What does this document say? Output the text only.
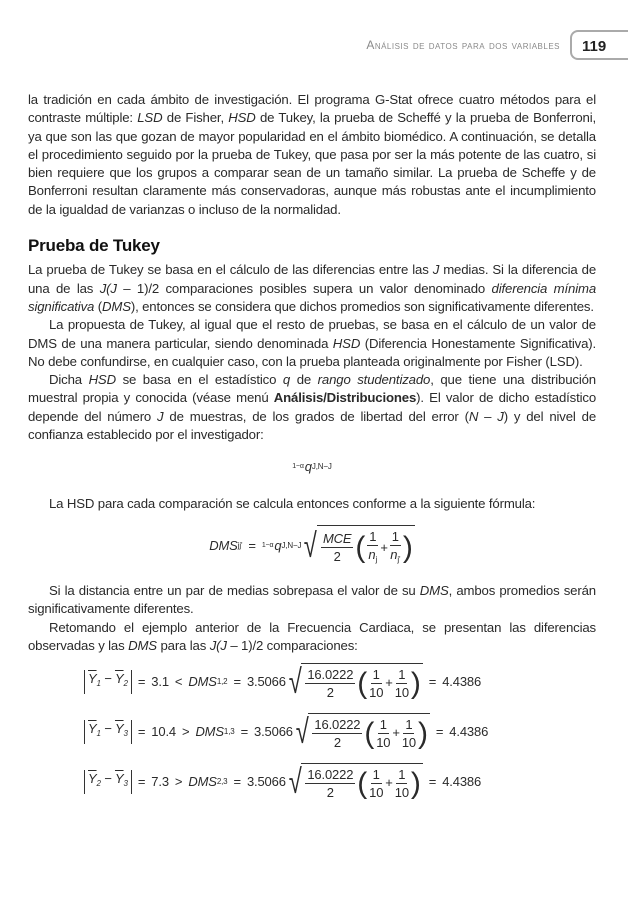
Análisis de datos para dos variables	119

la tradición en cada ámbito de investigación. El programa G-Stat ofrece cuatro métodos para el contraste múltiple: LSD de Fisher, HSD de Tukey, la prueba de Scheffé y la prueba de Bonferroni, ya que son las que gozan de mayor popularidad en el ámbito biomédico. A continuación, se detalla el procedimiento seguido por la prueba de Tukey, que pasa por ser la más potente de las cuatro, si bien requiere que los grupos a comparar sean de un tamaño similar. La prueba de Scheffe y de Bonferroni resultan claramente más conservadoras, aunque más robustas ante el incumplimiento de la igualdad de varianzas o incluso de la normalidad.

Prueba de Tukey

La prueba de Tukey se basa en el cálculo de las diferencias entre las J medias. Si la diferencia de una de las J(J – 1)/2 comparaciones posibles supera un valor denominado diferencia mínima significativa (DMS), entonces se considera que dichos promedios son significativamente diferentes.

La propuesta de Tukey, al igual que el resto de pruebas, se basa en el cálculo de un valor de DMS de una manera particular, siendo denominada HSD (Diferencia Honestamente Significativa). No debe confundirse, en cualquier caso, con la prueba planteada originalmente por Fisher (LSD).

Dicha HSD se basa en el estadístico q de rango studentizado, que tiene una distribución muestral propia y conocida (véase menú Análisis/Distribuciones). El valor de dicho estadístico depende del número J de muestras, de los grados de libertad del error (N – J) y del nivel de confianza establecido por el investigador:

1−α q J,N−J

La HSD para cada comparación se calcula entonces conforme a la siguiente fórmula:

DMS jj' = 1−α q J,N−J √ $\frac{\text{MCE}}{2}$ ( $\frac{1}{n_j} + \frac{1}{n_{j'}}$ )

Si la distancia entre un par de medias sobrepasa el valor de su DMS, ambos promedios serán significativamente diferentes.

Retomando el ejemplo anterior de la Frecuencia Cardiaca, se presentan las diferencias observadas y las DMS para las J(J – 1)/2 comparaciones:

$\overline{Y}_1 - \overline{Y}_2 = 3.1$ < DMS 1,2 = 3.5066 √ $\frac{16.0222}{2}$ ( $\frac{1}{10} + \frac{1}{10}$ ) = 4.4386
$\overline{Y}_1 - \overline{Y}_3 = 10.4$ > DMS 1,3 = 3.5066 √ $\frac{16.0222}{2}$ ( $\frac{1}{10} + \frac{1}{10}$ ) = 4.4386
$\overline{Y}_2 - \overline{Y}_3 = 7.3$ > DMS 2,3 = 3.5066 √ $\frac{16.0222}{2}$ ( $\frac{1}{10} + \frac{1}{10}$ ) = 4.4386
